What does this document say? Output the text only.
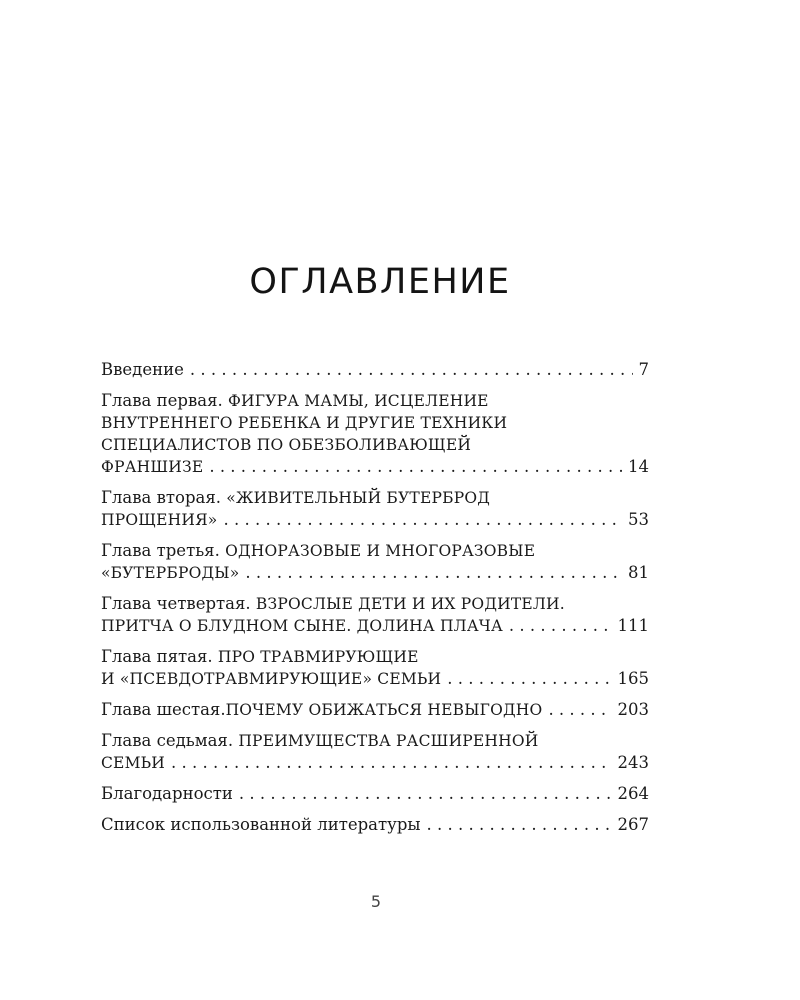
ОГЛАВЛЕНИЕ
Введение . . .	7
Глава первая. ФИГУРА МАМЫ, ИСЦЕЛЕНИЕ
ВНУТРЕННЕГО РЕБЕНКА И ДРУГИЕ ТЕХНИКИ
СПЕЦИАЛИСТОВ ПО ОБЕЗБОЛИВАЮЩЕЙ
ФРАНШИЗЕ . . .	14
Глава вторая. «ЖИВИТЕЛЬНЫЙ БУТЕРБРОД
ПРОЩЕНИЯ» . . .	53
Глава третья. ОДНОРАЗОВЫЕ И МНОГОРАЗОВЫЕ
«БУТЕРБРОДЫ» . . .	81
Глава четвертая. ВЗРОСЛЫЕ ДЕТИ И ИХ РОДИТЕЛИ.
ПРИТЧА О БЛУДНОМ СЫНЕ. ДОЛИНА ПЛАЧА . . .	111
Глава пятая. ПРО ТРАВМИРУЮЩИЕ
И «ПСЕВДОТРАВМИРУЮЩИЕ» СЕМЬИ . . .	165
Глава шестая. ПОЧЕМУ ОБИЖАТЬСЯ НЕВЫГОДНО . . .	203
Глава седьмая. ПРЕИМУЩЕСТВА РАСШИРЕННОЙ
СЕМЬИ . . .	243
Благодарности . . .	264
Список использованной литературы . . .	267
5
